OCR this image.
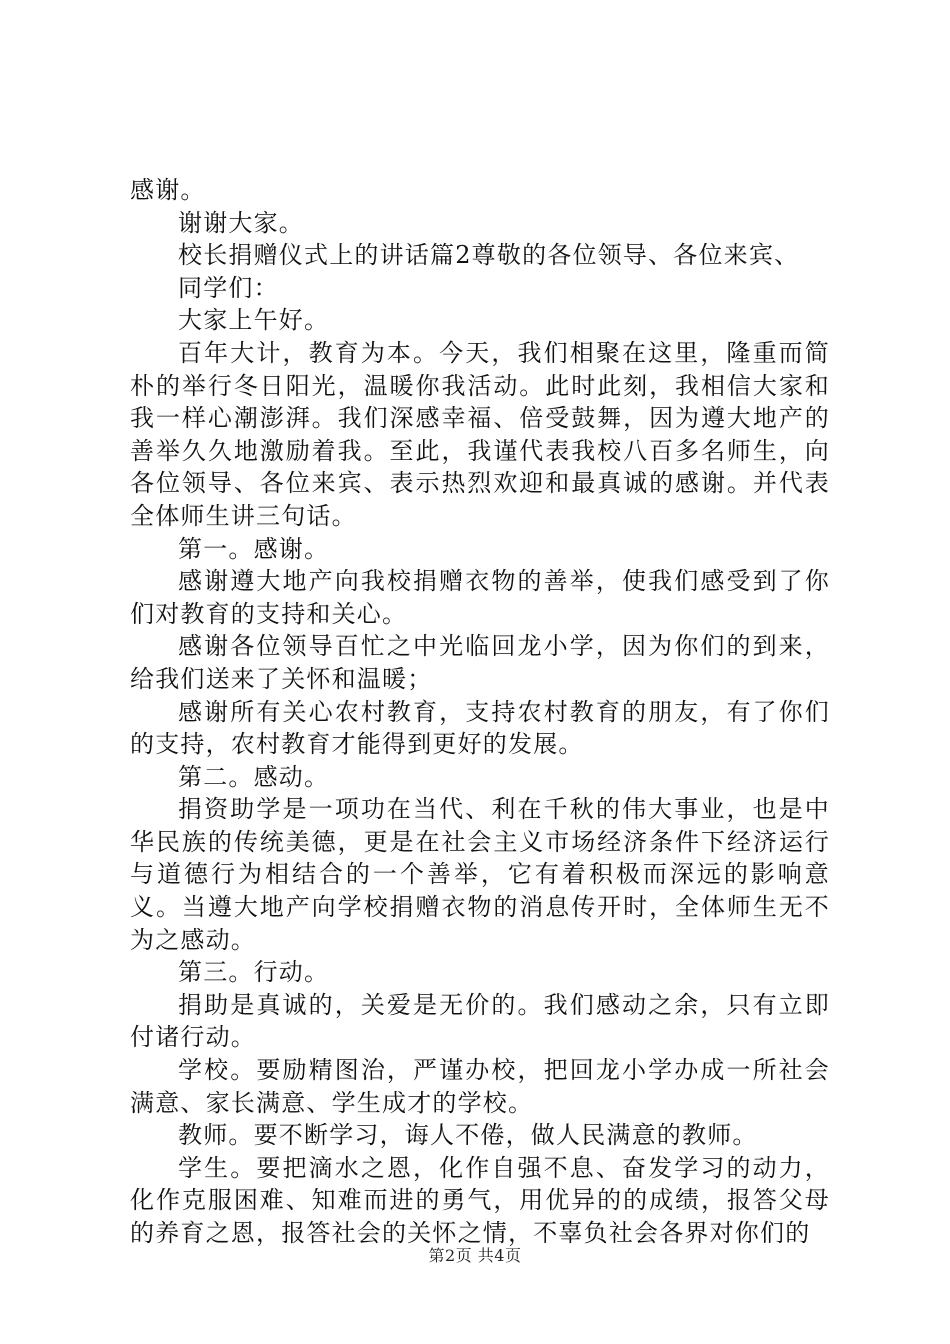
感谢。

谢谢大家。

校长捐赠仪式上的讲话篇2尊敬的各位领导、各位来宾、

同学们：

大家上午好。

百年大计，教育为本。今天，我们相聚在这里，隆重而简朴的举行冬日阳光，温暖你我活动。此时此刻，我相信大家和我一样心潮澎湃。我们深感幸福、倍受鼓舞，因为遵大地产的善举久久地激励着我。至此，我谨代表我校八百多名师生，向各位领导、各位来宾、表示热烈欢迎和最真诚的感谢。并代表全体师生讲三句话。

第一。感谢。

感谢遵大地产向我校捐赠衣物的善举，使我们感受到了你们对教育的支持和关心。

感谢各位领导百忙之中光临回龙小学，因为你们的到来，给我们送来了关怀和温暖；

感谢所有关心农村教育，支持农村教育的朋友，有了你们的支持，农村教育才能得到更好的发展。

第二。感动。

捐资助学是一项功在当代、利在千秋的伟大事业，也是中华民族的传统美德，更是在社会主义市场经济条件下经济运行与道德行为相结合的一个善举，它有着积极而深远的影响意义。当遵大地产向学校捐赠衣物的消息传开时，全体师生无不为之感动。

第三。行动。

捐助是真诚的，关爱是无价的。我们感动之余，只有立即付诸行动。

学校。要励精图治，严谨办校，把回龙小学办成一所社会满意、家长满意、学生成才的学校。

教师。要不断学习，诲人不倦，做人民满意的教师。

学生。要把滴水之恩，化作自强不息、奋发学习的动力，化作克服困难、知难而进的勇气，用优异的的成绩，报答父母的养育之恩，报答社会的关怀之情，不辜负社会各界对你们的

第2页 共4页
